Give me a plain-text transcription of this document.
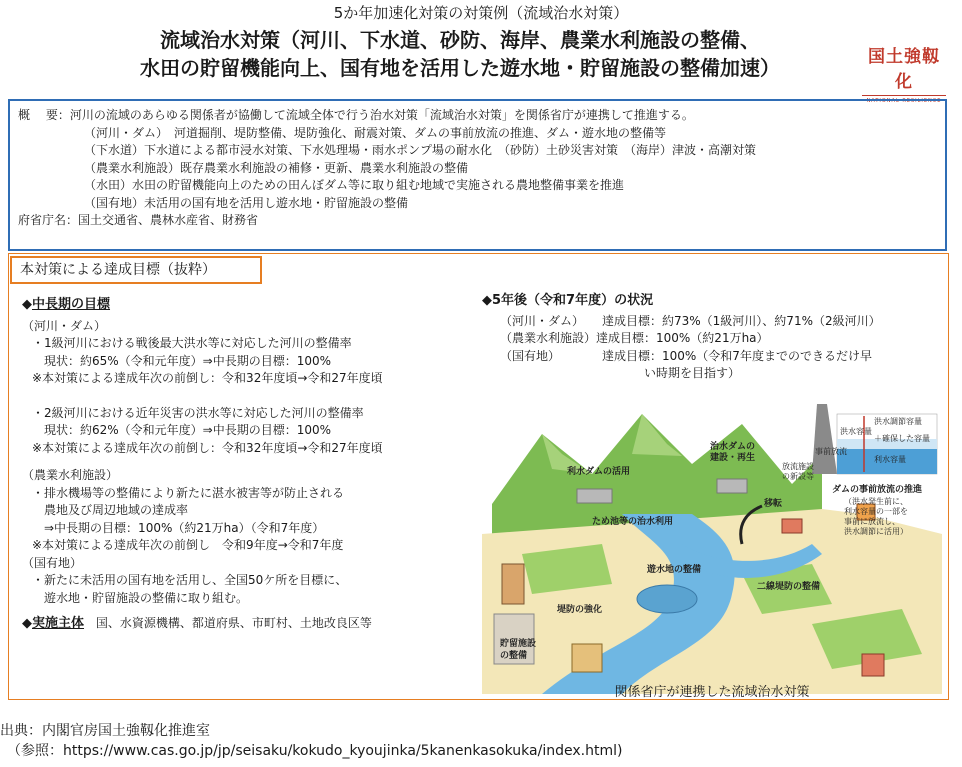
5か年加速化対策の対策例（流域治水対策）
流域治水対策（河川、下水道、砂防、海岸、農業水利施設の整備、
水田の貯留機能向上、国有地を活用した遊水地・貯留施設の整備加速）	国土強靱化
NATIONAL RESILIENCE
概　 要：河川の流域のあらゆる関係者が協働して流域全体で行う治水対策「流域治水対策」を関係省庁が連携して推進する。
（河川・ダム）　河道掘削、堤防整備、堤防強化、耐震対策、ダムの事前放流の推進、ダム・遊水地の整備等
（下水道）下水道による都市浸水対策、下水処理場・雨水ポンプ場の耐水化　（砂防）土砂災害対策　（海岸）津波・高潮対策
（農業水利施設）既存農業水利施設の補修・更新、農業水利施設の整備
（水田）水田の貯留機能向上のための田んぼダム等に取り組む地域で実施される農地整備事業を推進
（国有地）未活用の国有地を活用し遊水地・貯留施設の整備
府省庁名：国土交通省、農林水産省、財務省
本対策による達成目標（抜粋）
◆中長期の目標
（河川・ダム）
・1級河川における戦後最大洪水等に対応した河川の整備率
　現状：約65%（令和元年度）⇒中長期の目標：100%
※本対策による達成年次の前倒し：令和32年度頃→令和27年度頃
・2級河川における近年災害の洪水等に対応した河川の整備率
　現状：約62%（令和元年度）⇒中長期の目標：100%
※本対策による達成年次の前倒し：令和32年度頃→令和27年度頃
（農業水利施設）
・排水機場等の整備により新たに湛水被害等が防止される
　農地及び周辺地域の達成率
　⇒中長期の目標：100%（約21万ha）（令和7年度）
※本対策による達成年次の前倒し　令和9年度→令和7年度
（国有地）
・新たに未活用の国有地を活用し、全国50ケ所を目標に、
　遊水地・貯留施設の整備に取り組む。
◆実施主体 国、水資源機構、都道府県、市町村、土地改良区等
◆5年後（令和7年度）の状況
（河川・ダム）　　達成目標：約73%（1級河川）、約71%（2級河川）
（農業水利施設）達成目標：100%（約21万ha）
（国有地）　　　　達成目標：100%（令和7年度までのできるだけ早
　　　　　　　　　　　　い時期を目指す）
利水ダムの活用
治水ダムの
建設・再生
移転
ため池等の治水利用
遊水地の整備
二線堤防の整備
堤防の強化
貯留施設
の整備
放流施設
の新設等
洪水調節容量
＋確保した容量
洪水容量
事前放流
利水容量
ダムの事前放流の推進
（洪水発生前に、
利水容量の一部を
事前に放流し、
洪水調節に活用）
関係省庁が連携した流域治水対策
出典：内閣官房国土強靱化推進室
　（参照：https://www.cas.go.jp/jp/seisaku/kokudo_kyoujinka/5kanenkasokuka/index.html)
